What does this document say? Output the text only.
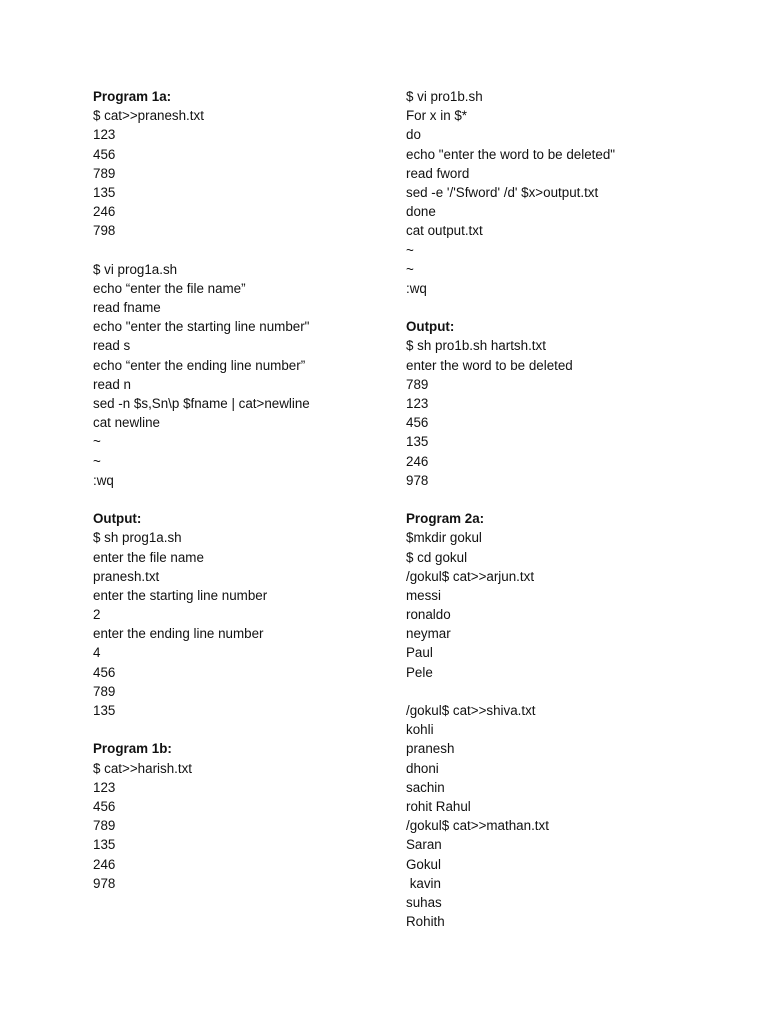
Program 1a:
$ cat>>pranesh.txt
123
456
789
135
246
798
$ vi prog1a.sh
echo “enter the file name”
read fname
echo "enter the starting line number"
read s
echo “enter the ending line number”
read n
sed -n $s,Sn\p $fname | cat>newline
cat newline
~
~
:wq
Output:
$ sh prog1a.sh
enter the file name
pranesh.txt
enter the starting line number
2
enter the ending line number
4
456
789
135
Program 1b:
$ cat>>harish.txt
123
456
789
135
246
978
$ vi pro1b.sh
For x in $*
do
echo "enter the word to be deleted"
read fword
sed -e '/'Sfword' /d' $x>output.txt
done
cat output.txt
~
~
:wq
Output:
$ sh pro1b.sh hartsh.txt
enter the word to be deleted
789
123
456
135
246
978
Program 2a:
$mkdir gokul
$ cd gokul
/gokul$ cat>>arjun.txt
messi
ronaldo
neymar
Paul
Pele
/gokul$ cat>>shiva.txt
kohli
pranesh
dhoni
sachin
rohit Rahul
/gokul$ cat>>mathan.txt
Saran
Gokul
kavin
suhas
Rohith
